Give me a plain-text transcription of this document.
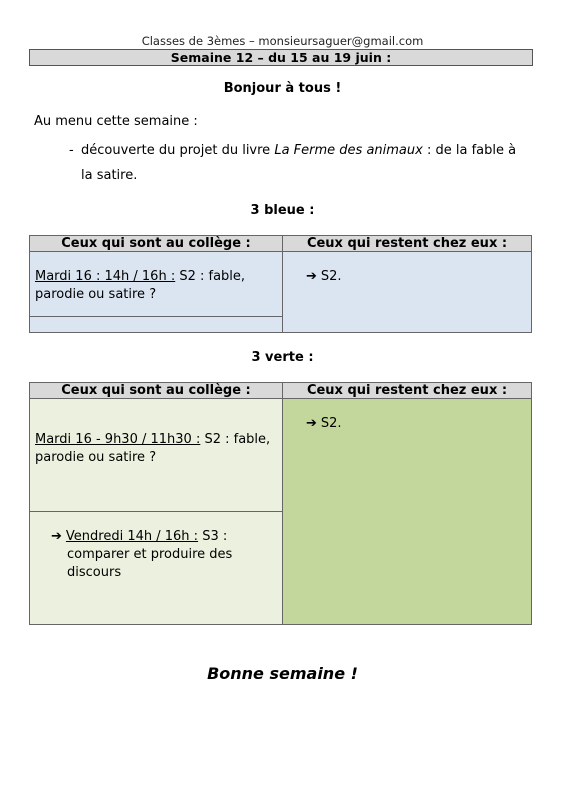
Classes de 3èmes – monsieursaguer@gmail.com
Semaine 12 – du 15 au 19 juin :
Bonjour à tous !
Au menu cette semaine :
- découverte du projet du livre La Ferme des animaux : de la fable à la satire.
3 bleue :
Ceux qui sont au collège :	Ceux qui restent chez eux :

Mardi 16 : 14h / 16h : S2 : fable, parodie ou satire ?	➔ S2.

3 verte :
Ceux qui sont au collège :	Ceux qui restent chez eux :

Mardi 16 - 9h30 / 11h30 : S2 : fable, parodie ou satire ?	➔ S2.

➔ Vendredi 14h / 16h : S3 :
comparer et produire des discours	
Bonne semaine !
